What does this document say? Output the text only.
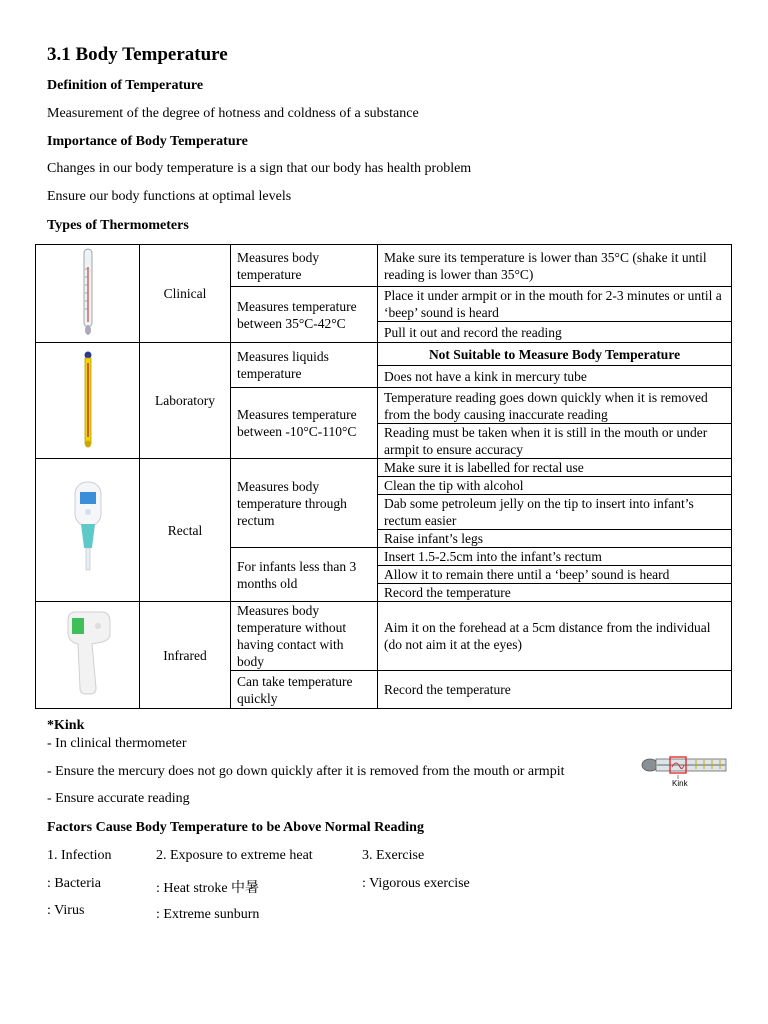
3.1 Body Temperature
Definition of Temperature
Measurement of the degree of hotness and coldness of a substance
Importance of Body Temperature
Changes in our body temperature is a sign that our body has health problem
Ensure our body functions at optimal levels
Types of Thermometers
	Clinical	Measures body temperature	Make sure its temperature is lower than 35°C (shake it until reading is lower than 35°C)
		Measures temperature between 35°C-42°C	Place it under armpit or in the mouth for 2-3 minutes or until a ‘beep’ sound is heard
			Pull it out and record the reading
	Laboratory	Measures liquids temperature	Not Suitable to Measure Body Temperature
			Does not have a kink in mercury tube
		Measures temperature between -10°C-110°C	Temperature reading goes down quickly when it is removed from the body causing inaccurate reading
			Reading must be taken when it is still in the mouth or under armpit to ensure accuracy
	Rectal	Measures body temperature through rectum	Make sure it is labelled for rectal use
			Clean the tip with alcohol
			Dab some petroleum jelly on the tip to insert into infant’s rectum easier
			Raise infant’s legs
		For infants less than 3 months old	Insert 1.5-2.5cm into the infant’s rectum
			Allow it to remain there until a ‘beep’ sound is heard
			Record the temperature
	Infrared	Measures body temperature without having contact with body	Aim it on the forehead at a 5cm distance from the individual (do not aim it at the eyes)
		Can take temperature quickly	Record the temperature
*Kink
- In clinical thermometer
- Ensure the mercury does not go down quickly after it is removed from the mouth or armpit
- Ensure accurate reading
Kink
Factors Cause Body Temperature to be Above Normal Reading
1. Infection
: Bacteria
: Virus
2. Exposure to extreme heat
: Heat stroke 中暑
: Extreme sunburn
3. Exercise
: Vigorous exercise
